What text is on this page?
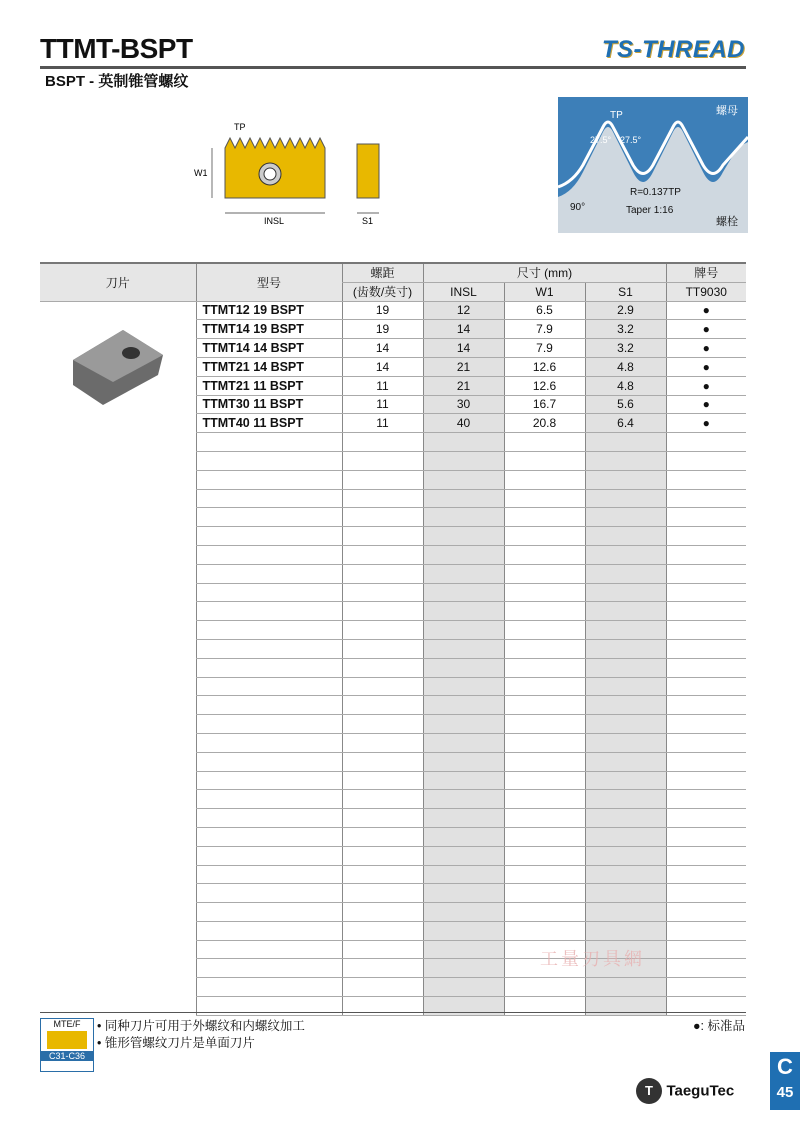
TTMT-BSPT	TS-THREAD
BSPT - 英制锥管螺纹
INSL
W1
TP
S1
螺母
螺栓
TP
27.5° 27.5°
R=0.137TP
Taper 1:16
90°
刀片	型号	螺距	尺寸 (mm)			牌号
		(齿数/英寸)	INSL	W1	S1	TT9030
	TTMT12 19 BSPT	19	12	6.5	2.9	●
	TTMT14 19 BSPT	19	14	7.9	3.2	●
	TTMT14 14 BSPT	14	14	7.9	3.2	●
	TTMT21 14 BSPT	14	21	12.6	4.8	●
	TTMT21 11 BSPT	11	21	12.6	4.8	●
	TTMT30 11 BSPT	11	30	16.7	5.6	●
	TTMT40 11 BSPT	11	40	20.8	6.4	●

工量刃具網
MTE/F
C31-C36
• 同种刀片可用于外螺纹和内螺纹加工
• 锥形管螺纹刀片是单面刀片
●: 标准品
T TaeguTec
C
45
